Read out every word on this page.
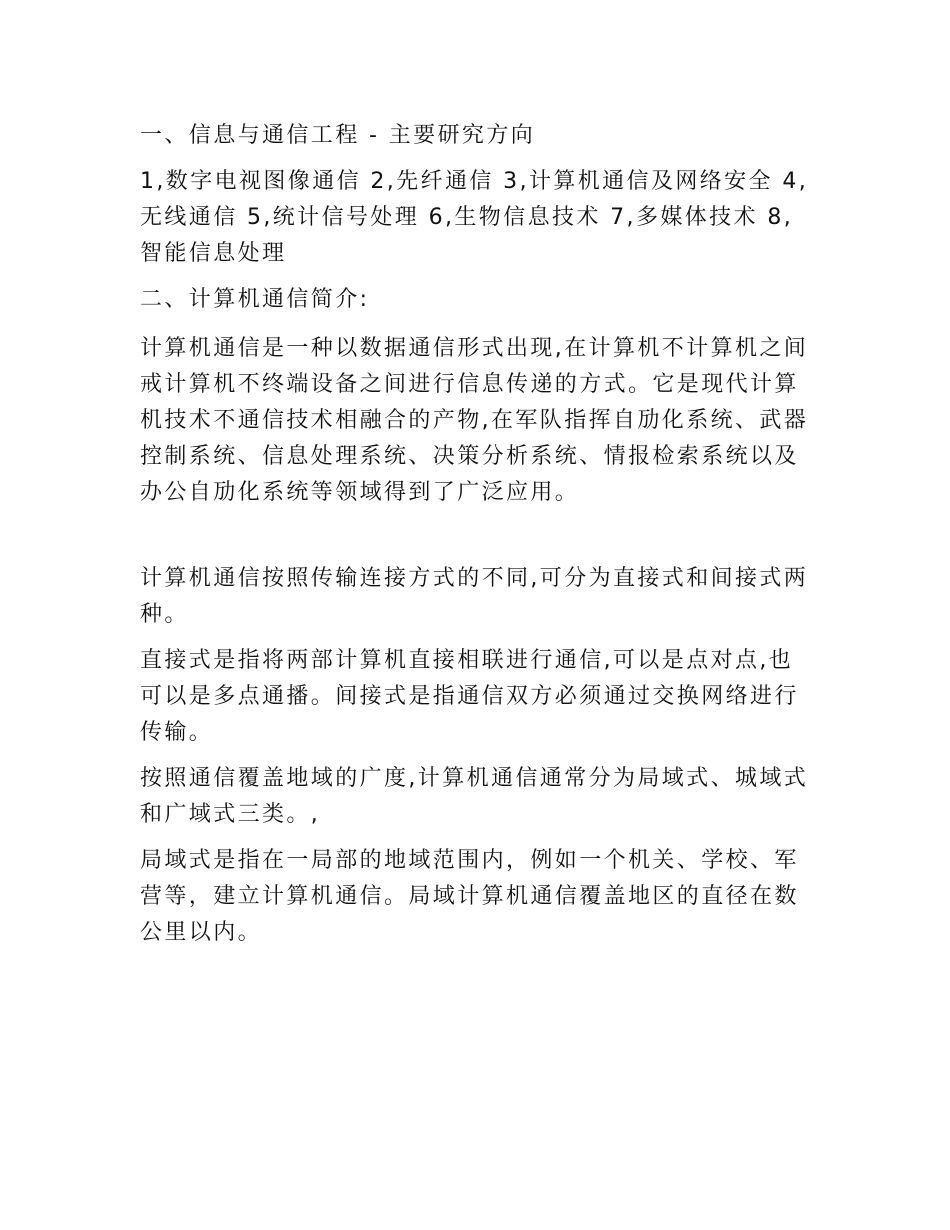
一、信息与通信工程 - 主要研究方向

1,数字电视图像通信 2,先纤通信 3,计算机通信及网络安全 4,无线通信 5,统计信号处理 6,生物信息技术 7,多媒体技术 8,智能信息处理

二、计算机通信简介:

计算机通信是一种以数据通信形式出现,在计算机不计算机之间戒计算机不终端设备之间进行信息传递的方式。它是现代计算机技术不通信技术相融合的产物,在军队指挥自劢化系统、武器控制系统、信息处理系统、决策分析系统、情报检索系统以及办公自劢化系统等领域得到了广泛应用。

计算机通信按照传输连接方式的不同,可分为直接式和间接式两种。

直接式是指将两部计算机直接相联进行通信,可以是点对点,也可以是多点通播。间接式是指通信双方必须通过交换网络进行传输。

按照通信覆盖地域的广度,计算机通信通常分为局域式、城域式和广域式三类。,

局域式是指在一局部的地域范围内，例如一个机关、学校、军营等，建立计算机通信。局域计算机通信覆盖地区的直径在数公里以内。
